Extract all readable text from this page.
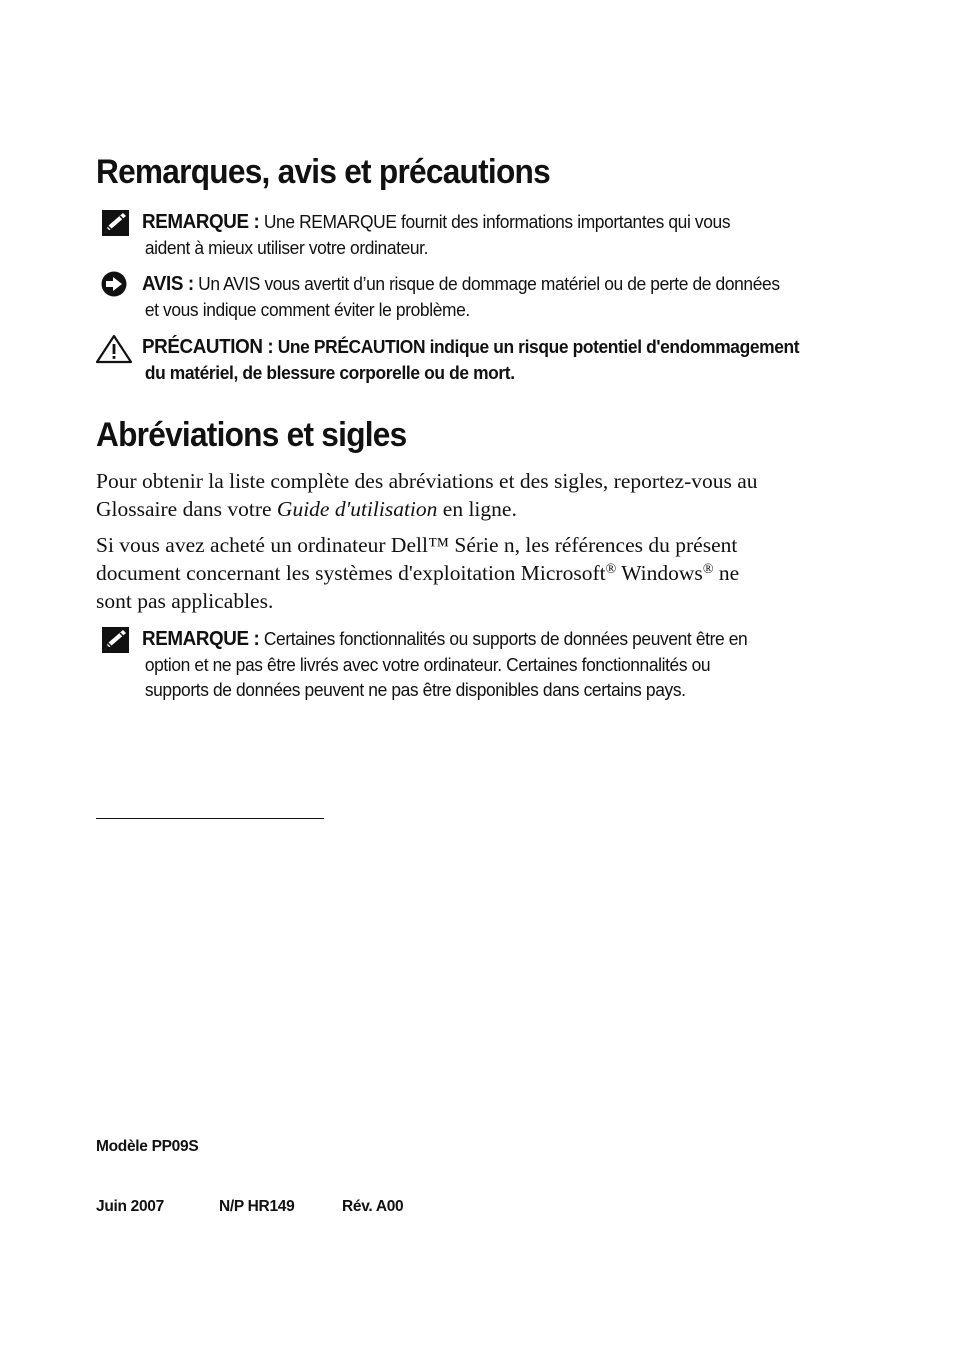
Remarques, avis et précautions
REMARQUE : Une REMARQUE fournit des informations importantes qui vous
aident à mieux utiliser votre ordinateur.
AVIS : Un AVIS vous avertit d’un risque de dommage matériel ou de perte de données
et vous indique comment éviter le problème.
PRÉCAUTION : Une PRÉCAUTION indique un risque potentiel d'endommagement
du matériel, de blessure corporelle ou de mort.
Abréviations et sigles

Pour obtenir la liste complète des abréviations et des sigles, reportez-vous au
Glossaire dans votre Guide d'utilisation en ligne.

Si vous avez acheté un ordinateur Dell™ Série n, les références du présent
document concernant les systèmes d'exploitation Microsoft® Windows® ne
sont pas applicables.

REMARQUE : Certaines fonctionnalités ou supports de données peuvent être en
option et ne pas être livrés avec votre ordinateur. Certaines fonctionnalités ou
supports de données peuvent ne pas être disponibles dans certains pays.
Modèle PP09S
Juin 2007	N/P HR149	Rév. A00
